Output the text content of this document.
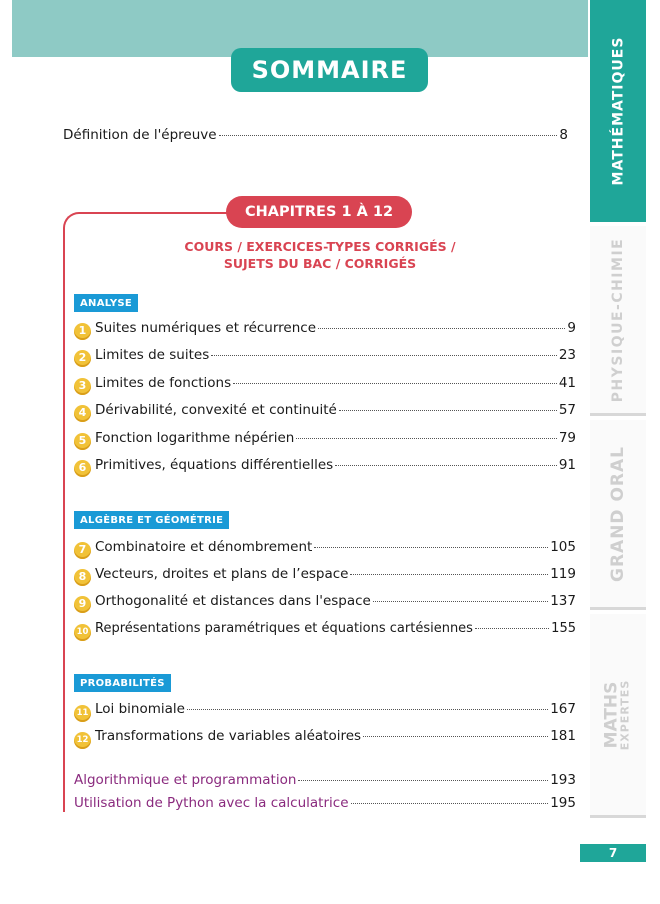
SOMMAIRE
Définition de l'épreuve	8
CHAPITRES 1 À 12
COURS / EXERCICES-TYPES CORRIGÉS /
SUJETS DU BAC / CORRIGÉS
ANALYSE
1 Suites numériques et récurrence	9
2 Limites de suites	23
3 Limites de fonctions	41
4 Dérivabilité, convexité et continuité	57
5 Fonction logarithme népérien	79
6 Primitives, équations différentielles	91
ALGÈBRE ET GÉOMÉTRIE
7 Combinatoire et dénombrement	105
8 Vecteurs, droites et plans de l’espace	119
9 Orthogonalité et distances dans l'espace	137
10 Représentations paramétriques et équations cartésiennes	155
PROBABILITÉS
11 Loi binomiale	167
12 Transformations de variables aléatoires	181
Algorithmique et programmation	193
Utilisation de Python avec la calculatrice	195
MATHÉMATIQUES
PHYSIQUE-CHIMIE
GRAND ORAL
MATHS
EXPERTES
7
